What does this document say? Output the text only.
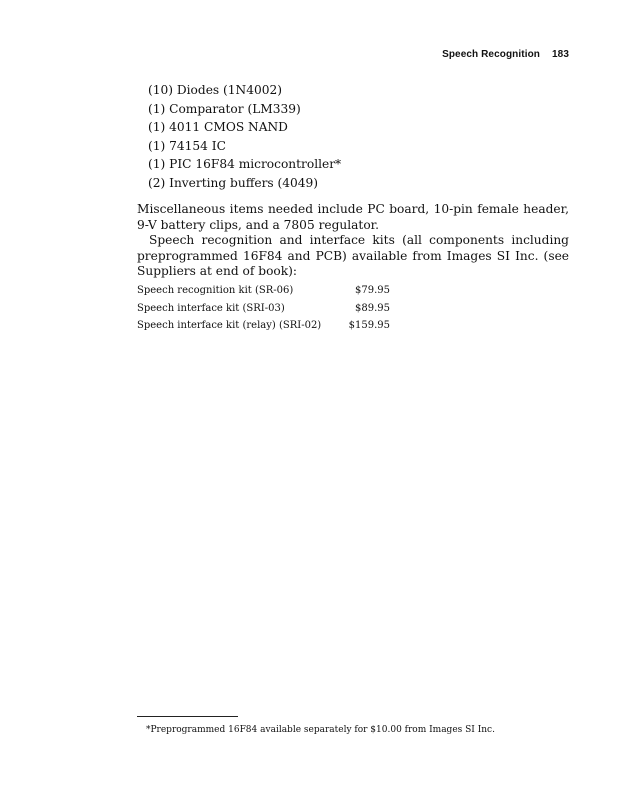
Speech Recognition 183
(10) Diodes (1N4002)
(1) Comparator (LM339)
(1) 4011 CMOS NAND
(1) 74154 IC
(1) PIC 16F84 microcontroller*
(2) Inverting buffers (4049)

Miscellaneous items needed include PC board, 10-pin female header, 9-V battery clips, and a 7805 regulator.

Speech recognition and interface kits (all components including preprogrammed 16F84 and PCB) available from Images SI Inc. (see Suppliers at end of book):

Speech recognition kit (SR-06)	$79.95
Speech interface kit (SRI-03)	$89.95
Speech interface kit (relay) (SRI-02)	$159.95
*Preprogrammed 16F84 available separately for $10.00 from Images SI Inc.
